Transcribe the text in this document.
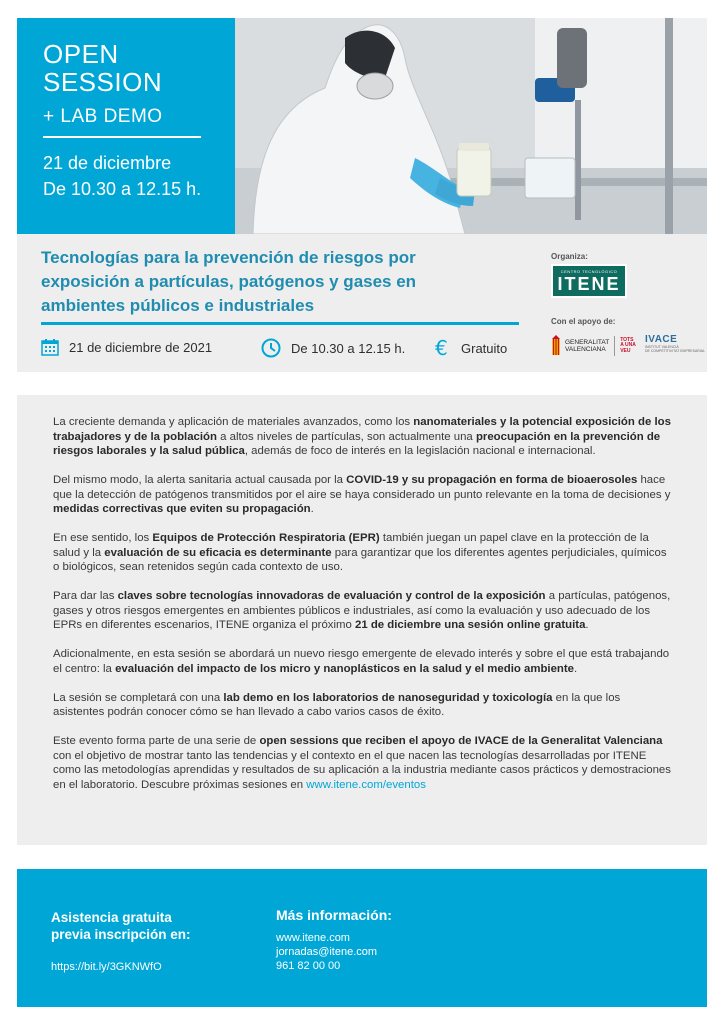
OPEN
SESSION
+ LAB DEMO
21 de diciembre
De 10.30 a 12.15 h.
Tecnologías para la prevención de riesgos por exposición a partículas, patógenos y gases en ambientes públicos e industriales
21 de diciembre de 2021	De 10.30 a 12.15 h. € Gratuito
Organiza:
CENTRO TECNOLÓGICO
ITENE
Con el apoyo de:
GENERALITAT
VALENCIANA
TOTS
A UNA
VEU
IVACE
INSTITUT VALENCIÀ
DE COMPETITIVITAT EMPRESARIAL

La creciente demanda y aplicación de materiales avanzados, como los nanomateriales y la potencial exposición de los trabajadores y de la población a altos niveles de partículas, son actualmente una preocupación en la prevención de riesgos laborales y la salud pública, además de foco de interés en la legislación nacional e internacional.

Del mismo modo, la alerta sanitaria actual causada por la COVID-19 y su propagación en forma de bioaerosoles hace que la detección de patógenos transmitidos por el aire se haya considerado un punto relevante en la toma de decisiones y medidas correctivas que eviten su propagación.

En ese sentido, los Equipos de Protección Respiratoria (EPR) también juegan un papel clave en la protección de la salud y la evaluación de su eficacia es determinante para garantizar que los diferentes agentes perjudiciales, químicos o biológicos, sean retenidos según cada contexto de uso.

Para dar las claves sobre tecnologías innovadoras de evaluación y control de la exposición a partículas, patógenos, gases y otros riesgos emergentes en ambientes públicos e industriales, así como la evaluación y uso adecuado de los EPRs en diferentes escenarios, ITENE organiza el próximo 21 de diciembre una sesión online gratuita.

Adicionalmente, en esta sesión se abordará un nuevo riesgo emergente de elevado interés y sobre el que está trabajando el centro: la evaluación del impacto de los micro y nanoplásticos en la salud y el medio ambiente.

La sesión se completará con una lab demo en los laboratorios de nanoseguridad y toxicología en la que los asistentes podrán conocer cómo se han llevado a cabo varios casos de éxito.

Este evento forma parte de una serie de open sessions que reciben el apoyo de IVACE de la Generalitat Valenciana con el objetivo de mostrar tanto las tendencias y el contexto en el que nacen las tecnologías desarrolladas por ITENE como las metodologías aprendidas y resultados de su aplicación a la industria mediante casos prácticos y demostraciones en el laboratorio. Descubre próximas sesiones en www.itene.com/eventos

Asistencia gratuita
previa inscripción en:
https://bit.ly/3GKNWfO
Más información:
www.itene.com
jornadas@itene.com
961 82 00 00
